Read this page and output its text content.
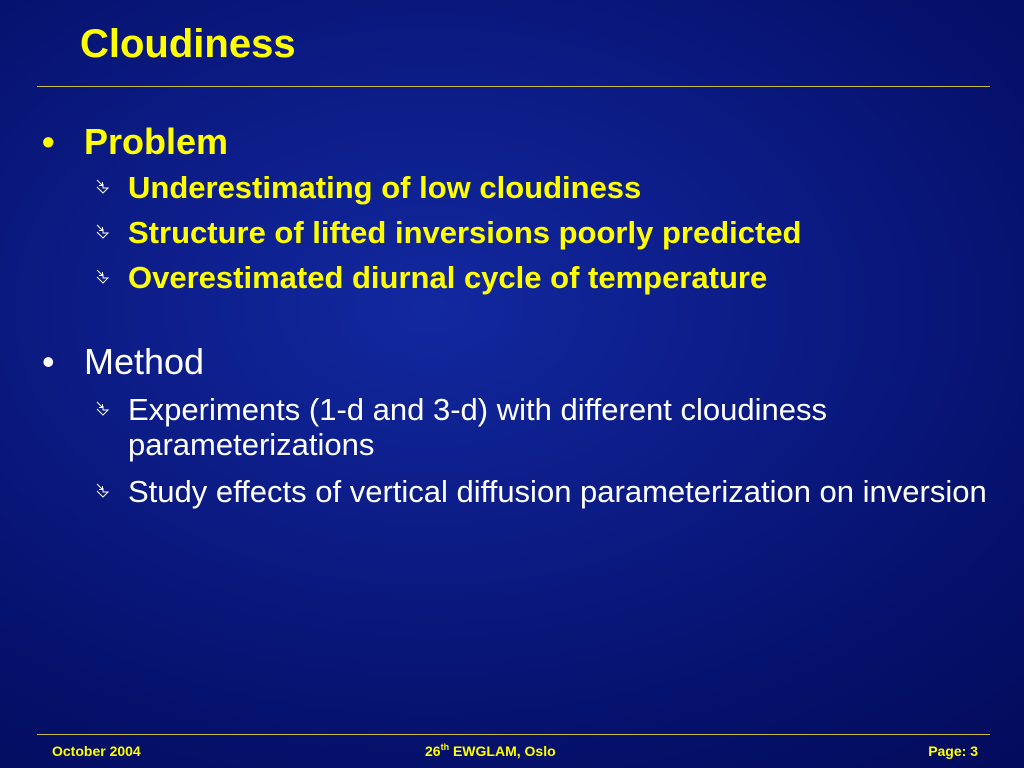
Cloudiness
• Problem
Underestimating of low cloudiness
Structure of lifted inversions poorly predicted
Overestimated diurnal cycle of temperature
• Method
Experiments (1-d and 3-d) with different cloudiness parameterizations
Study effects of vertical diffusion parameterization on inversion
October 2004	26th EWGLAM, Oslo	Page: 3
